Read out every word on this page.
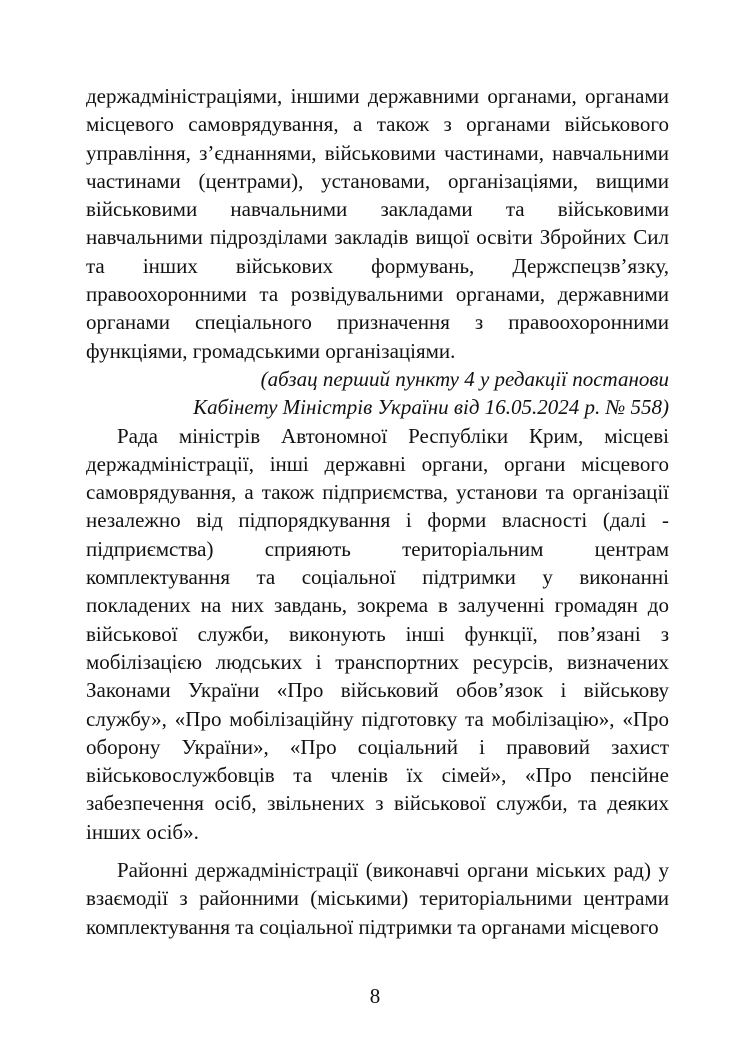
держадміністраціями, іншими державними органами, органами місцевого самоврядування, а також з органами військового управління, з’єднаннями, військовими частинами, навчальними частинами (центрами), установами, організаціями, вищими військовими навчальними закладами та військовими навчальними підрозділами закладів вищої освіти Збройних Сил та інших військових формувань, Держспецзв’язку, правоохоронними та розвідувальними органами, державними органами спеціального призначення з правоохоронними функціями, громадськими організаціями.

(абзац перший пункту 4 у редакції постанови

Кабінету Міністрів України від 16.05.2024 р. № 558)

Рада міністрів Автономної Республіки Крим, місцеві держадміністрації, інші державні органи, органи місцевого самоврядування, а також підприємства, установи та організації незалежно від підпорядкування і форми власності (далі - підприємства) сприяють територіальним центрам комплектування та соціальної підтримки у виконанні покладених на них завдань, зокрема в залученні громадян до військової служби, виконують інші функції, пов’язані з мобілізацією людських і транспортних ресурсів, визначених Законами України «Про військовий обов’язок і військову службу», «Про мобілізаційну підготовку та мобілізацію», «Про оборону України», «Про соціальний і правовий захист військовослужбовців та членів їх сімей», «Про пенсійне забезпечення осіб, звільнених з військової служби, та деяких інших осіб».

Районні держадміністрації (виконавчі органи міських рад) у взаємодії з районними (міськими) територіальними центрами комплектування та соціальної підтримки та органами місцевого

8
